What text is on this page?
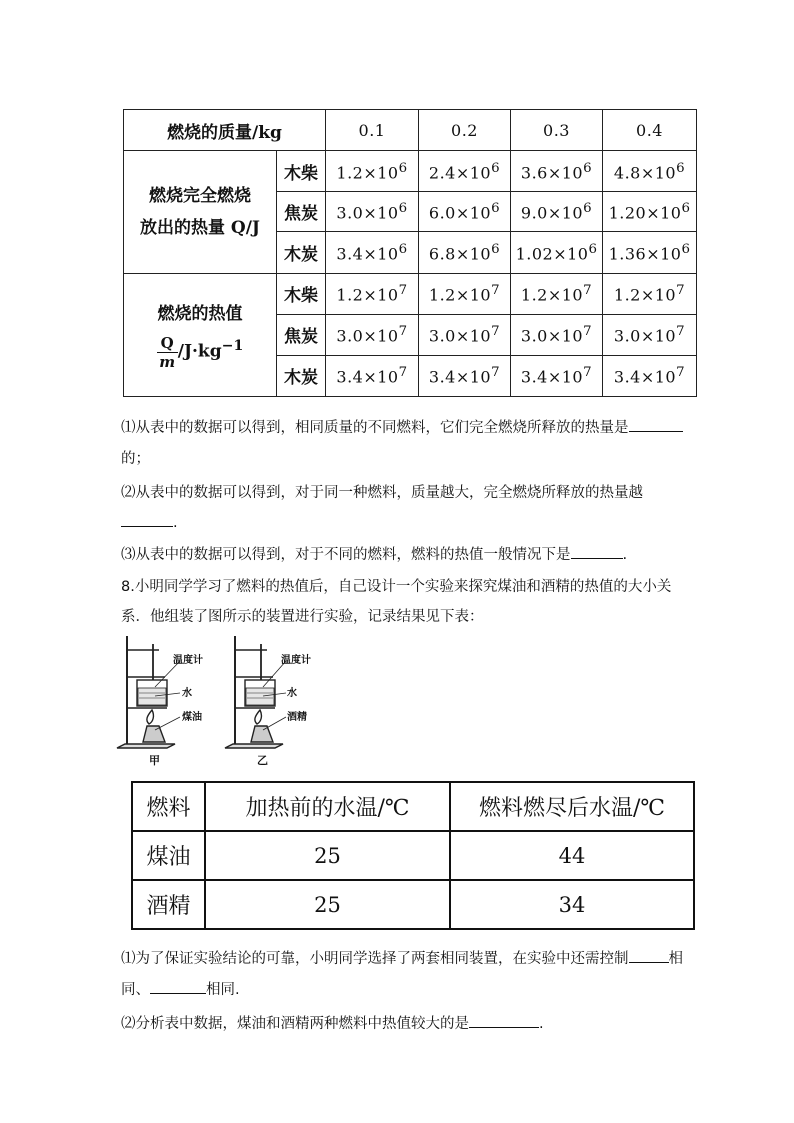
燃烧的质量/kg		0.1	0.2	0.3	0.4
燃烧完全燃烧
放出的热量 Q/J	木柴	$1.2\times 10^6$	$2.4\times 10^6$	$3.6\times 10^6$	$4.8\times 10^6$
	焦炭	$3.0\times 10^6$	$6.0\times 10^6$	$9.0\times 10^6$	$1.20\times 10^6$
	木炭	$3.4\times 10^6$	$6.8\times 10^6$	$1.02\times 10^6$	$1.36\times 10^6$
燃烧的热值

$\frac{Q}{m} /J\cdot kg^{-1}$	木柴	$1.2\times 10^7$	$1.2\times 10^7$	$1.2\times 10^7$	$1.2\times 10^7$
	焦炭	$3.0\times 10^7$	$3.0\times 10^7$	$3.0\times 10^7$	$3.0\times 10^7$
	木炭	$3.4\times 10^7$	$3.4\times 10^7$	$3.4\times 10^7$	$3.4\times 10^7$
⑴从表中的数据可以得到，相同质量的不同燃料，它们完全燃烧所释放的热量是
的；
⑵从表中的数据可以得到，对于同一种燃料，质量越大，完全燃烧所释放的热量越
.
⑶从表中的数据可以得到，对于不同的燃料，燃料的热值一般情况下是	.
8.小明同学学习了燃料的热值后，自己设计一个实验来探究煤油和酒精的热值的大小关
系．他组装了图所示的装置进行实验，记录结果见下表：
温度计
水
煤油
温度计
水
酒精
甲	乙
燃料	加热前的水温/℃	燃料燃尽后水温/℃
煤油	25	44
酒精	25	34
⑴为了保证实验结论的可靠，小明同学选择了两套相同装置，在实验中还需控制	相
同、	相同.
⑵分析表中数据，煤油和酒精两种燃料中热值较大的是	.
